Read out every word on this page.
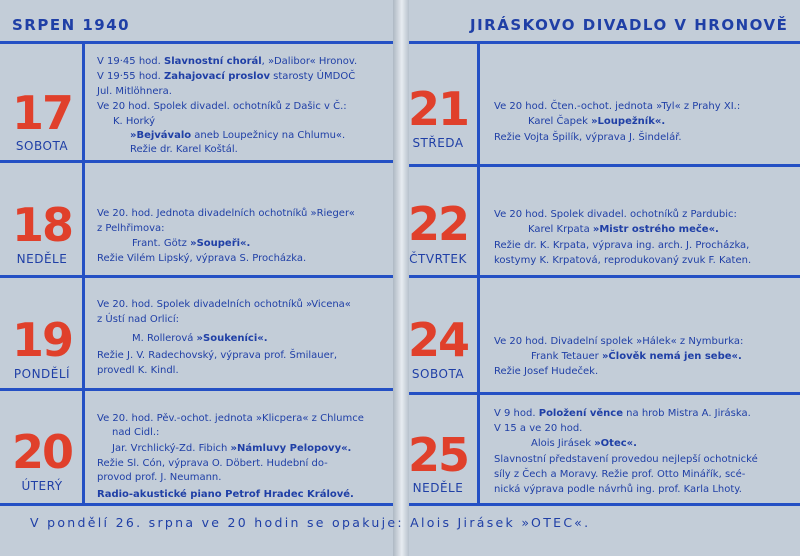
SRPEN 1940	JIRÁSKOVO DIVADLO V HRONOVĚ
17
SOBOTA
18
NEDĚLE
19
PONDĚLÍ
20
ÚTERÝ
21
STŘEDA
22
ČTVRTEK
24
SOBOTA
25
NEDĚLE
V 19·45 hod. Slavnostní chorál, »Dalibor« Hronov.
V 19·55 hod. Zahajovací proslov starosty ÚMDOČ
Jul. Mitlöhnera.
Ve 20 hod. Spolek divadel. ochotníků z Dašic v Č.:
K. Horký
»Bejvávalo aneb Loupežnicy na Chlumu«.
Režie dr. Karel Koštál.
Ve 20. hod. Jednota divadelních ochotníků »Rieger«
z Pelhřimova:
Frant. Götz »Soupeři«.
Režie Vilém Lipský, výprava S. Procházka.
Ve 20. hod. Spolek divadelních ochotníků »Vicena«
z Ústí nad Orlicí:
M. Rollerová »Soukeníci«.
Režie J. V. Radechovský, výprava prof. Šmilauer,
provedl K. Kindl.
Ve 20. hod. Pěv.-ochot. jednota »Klicpera« z Chlumce
nad Cidl.:
Jar. Vrchlický-Zd. Fibich »Námluvy Pelopovy«.
Režie Sl. Cón, výprava O. Döbert. Hudební do-
provod prof. J. Neumann.
Radio-akustické piano Petrof Hradec Králové.
Ve 20 hod. Čten.-ochot. jednota »Tyl« z Prahy XI.:
Karel Čapek »Loupežník«.
Režie Vojta Špilík, výprava J. Šindelář.
Ve 20 hod. Spolek divadel. ochotníků z Pardubic:
Karel Krpata »Mistr ostrého meče«.
Režie dr. K. Krpata, výprava ing. arch. J. Procházka,
kostymy K. Krpatová, reprodukovaný zvuk F. Katen.
Ve 20 hod. Divadelní spolek »Hálek« z Nymburka:
Frank Tetauer »Člověk nemá jen sebe«.
Režie Josef Hudeček.
V 9 hod. Položení věnce na hrob Mistra A. Jiráska.
V 15 a ve 20 hod.
Alois Jirásek »Otec«.
Slavnostní představení provedou nejlepší ochotnické
síly z Čech a Moravy. Režie prof. Otto Minářík, scé-
nická výprava podle návrhů ing. prof. Karla Lhoty.
V pondělí 26. srpna ve 20 hodin se opakuje: Alois Jirásek »OTEC«.
